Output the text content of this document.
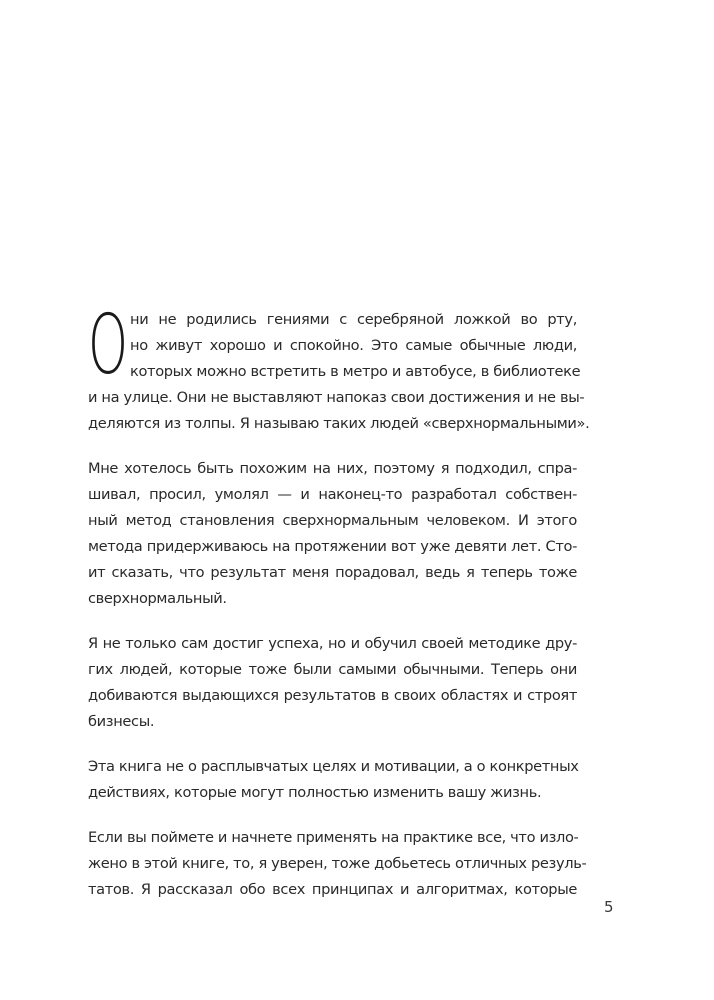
О ни не родились гениями с серебряной ложкой во рту,
но живут хорошо и спокойно. Это самые обычные люди,
которых можно встретить в метро и автобусе, в библиотеке
и на улице. Они не выставляют напоказ свои достижения и не вы-
деляются из толпы. Я называю таких людей «сверхнормальными».
Мне хотелось быть похожим на них, поэтому я подходил, спра-
шивал, просил, умолял — и наконец-то разработал собствен-
ный метод становления сверхнормальным человеком. И этого
метода придерживаюсь на протяжении вот уже девяти лет. Сто-
ит сказать, что результат меня порадовал, ведь я теперь тоже
сверхнормальный.
Я не только сам достиг успеха, но и обучил своей методике дру-
гих людей, которые тоже были самыми обычными. Теперь они
добиваются выдающихся результатов в своих областях и строят
бизнесы.
Эта книга не о расплывчатых целях и мотивации, а о конкретных
действиях, которые могут полностью изменить вашу жизнь.
Если вы поймете и начнете применять на практике все, что изло-
жено в этой книге, то, я уверен, тоже добьетесь отличных резуль-
татов. Я рассказал обо всех принципах и алгоритмах, которые
5
